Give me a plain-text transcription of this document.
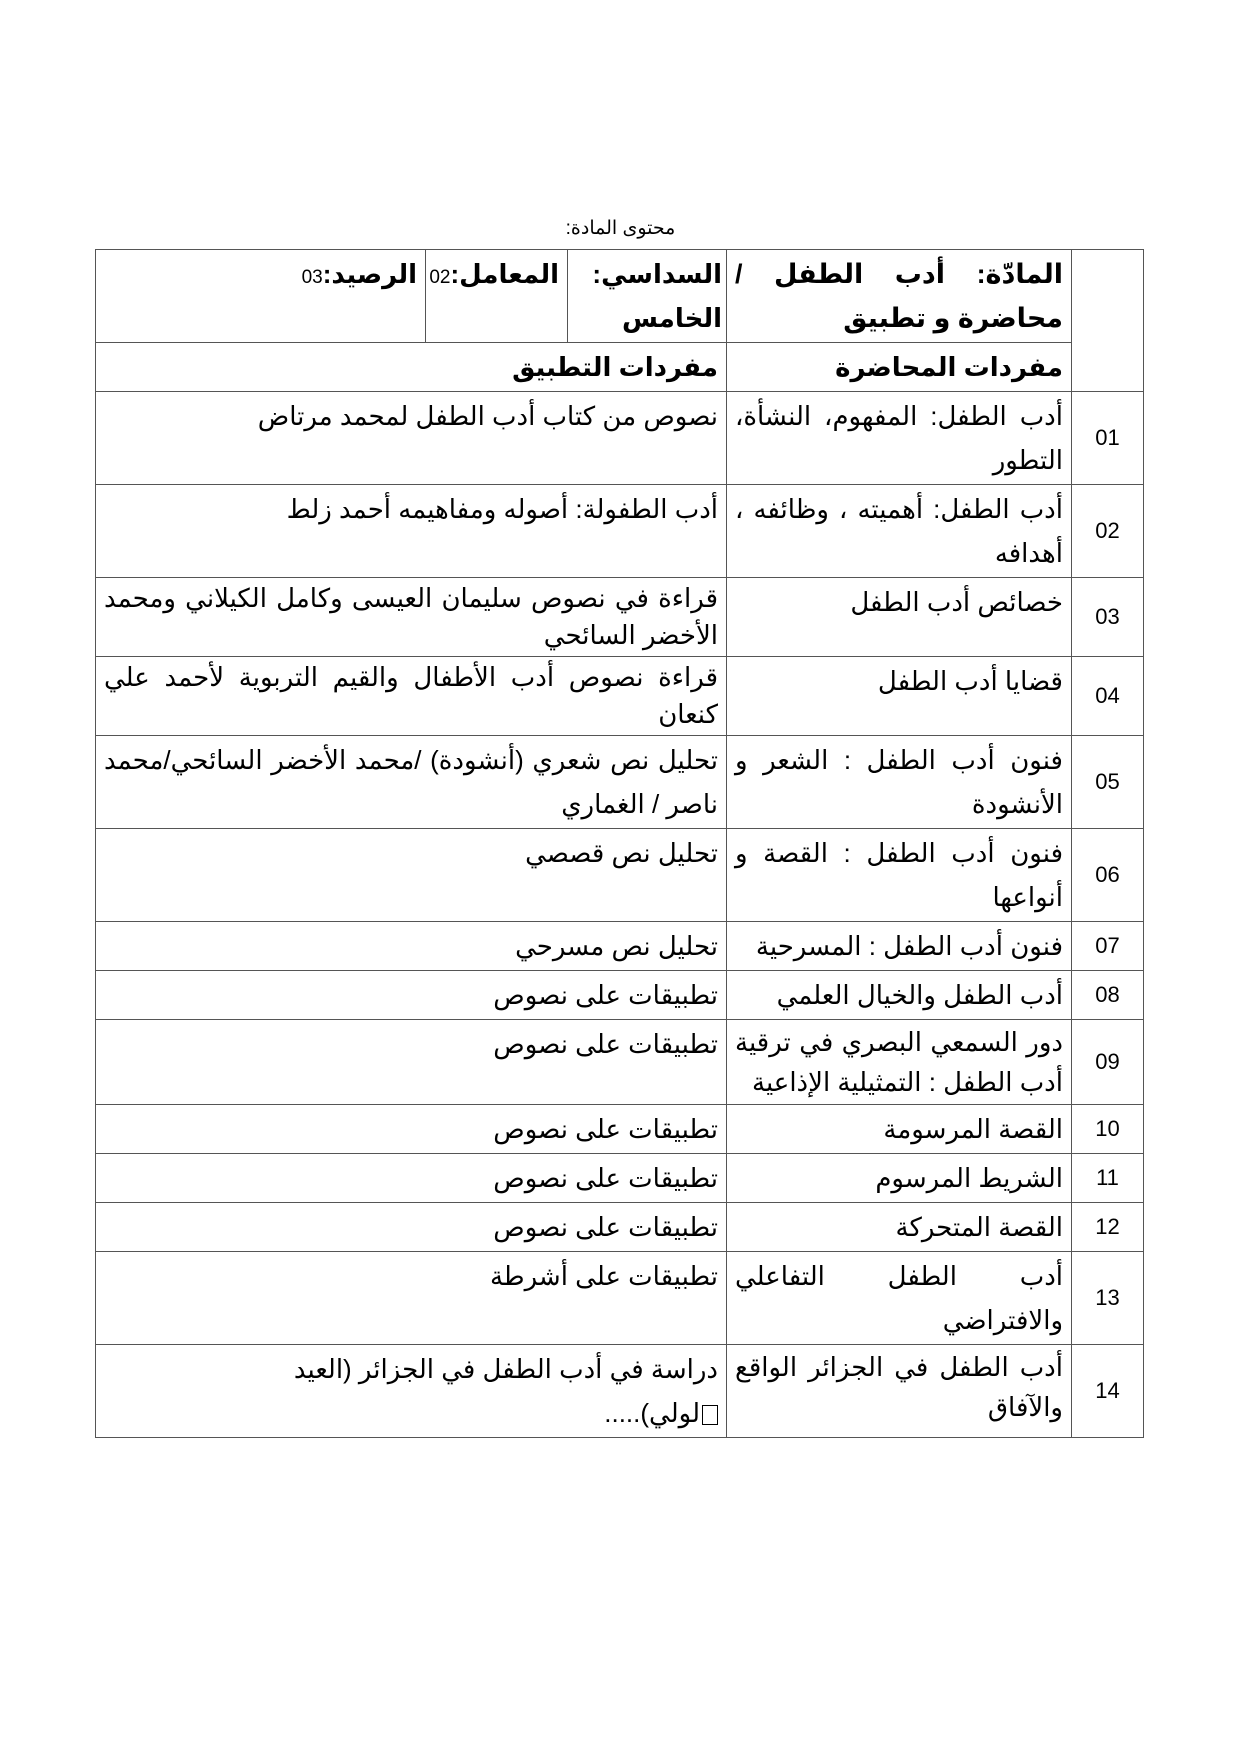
محتوى المادة:
	المادّة: أدب الطفل / محاضرة و تطبيق	السداسي: الخامس	المعامل:02	الرصيد:03
	مفردات المحاضرة	مفردات التطبيق		
01	أدب الطفل: المفهوم، النشأة، التطور	نصوص من كتاب أدب الطفل لمحمد مرتاض		
02	أدب الطفل: أهميته ، وظائفه ، أهدافه	أدب الطفولة: أصوله ومفاهيمه أحمد زلط		
03	خصائص أدب الطفل	قراءة في نصوص سليمان العيسى وكامل الكيلاني ومحمد الأخضر السائحي		
04	قضايا أدب الطفل	قراءة نصوص أدب الأطفال والقيم التربوية لأحمد علي كنعان		
05	فنون أدب الطفل : الشعر و الأنشودة	تحليل نص شعري (أنشودة) /محمد الأخضر السائحي/محمد ناصر / الغماري		
06	فنون أدب الطفل : القصة و أنواعها	تحليل نص قصصي		
07	فنون أدب الطفل : المسرحية	تحليل نص مسرحي		
08	أدب الطفل والخيال العلمي	تطبيقات على نصوص		
09	دور السمعي البصري في ترقية أدب الطفل : التمثيلية الإذاعية	تطبيقات على نصوص		
10	القصة المرسومة	تطبيقات على نصوص		
11	الشريط المرسوم	تطبيقات على نصوص		
12	القصة المتحركة	تطبيقات على نصوص		
13	أدب الطفل التفاعلي والافتراضي	تطبيقات على أشرطة		
14	أدب الطفل في الجزائر الواقع والآفاق	دراسة في أدب الطفل في الجزائر (العيد
لولي).....		
